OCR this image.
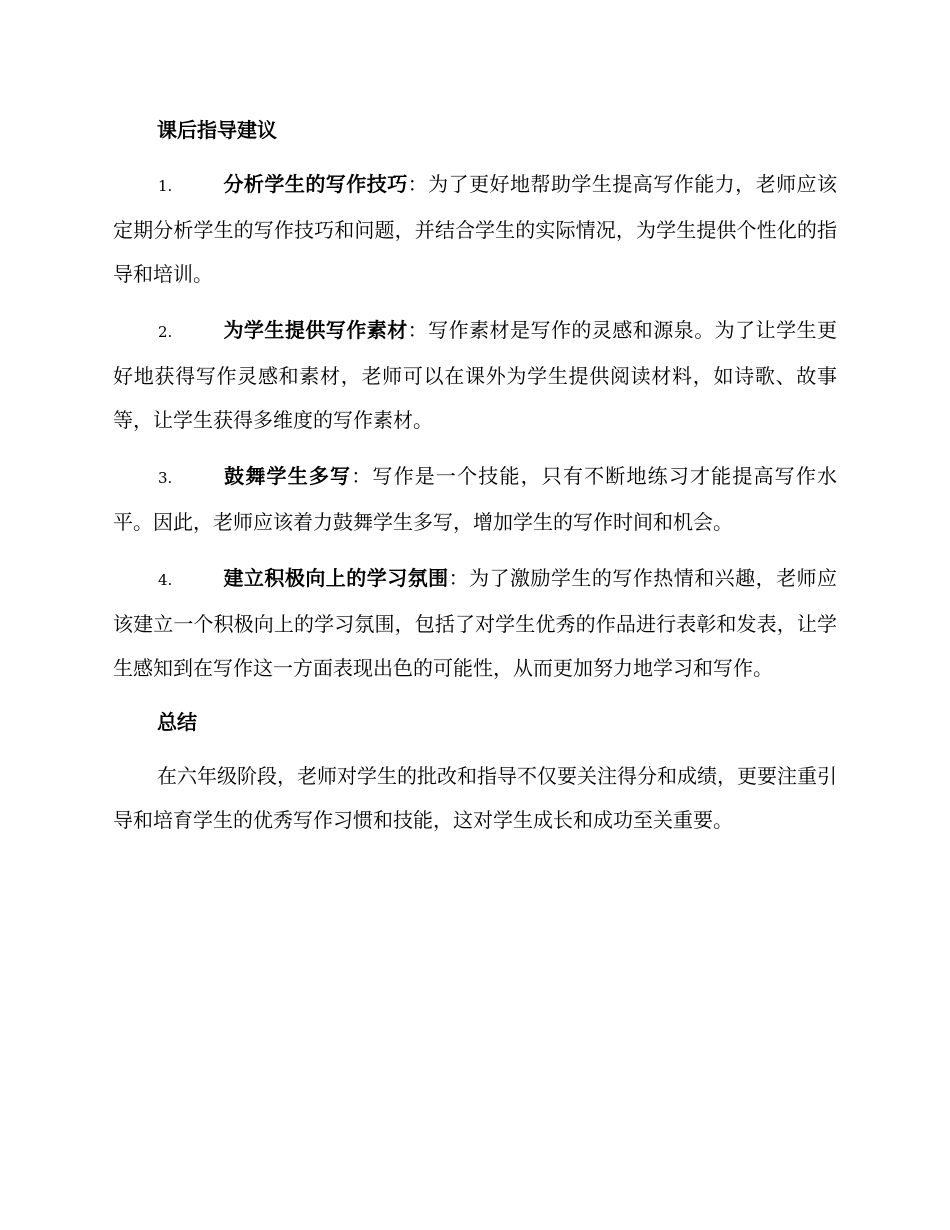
课后指导建议

1.	分析学生的写作技巧：为了更好地帮助学生提高写作能力，老师应该定期分析学生的写作技巧和问题，并结合学生的实际情况，为学生提供个性化的指导和培训。

2.	为学生提供写作素材：写作素材是写作的灵感和源泉。为了让学生更好地获得写作灵感和素材，老师可以在课外为学生提供阅读材料，如诗歌、故事等，让学生获得多维度的写作素材。

3.	鼓舞学生多写：写作是一个技能，只有不断地练习才能提高写作水平。因此，老师应该着力鼓舞学生多写，增加学生的写作时间和机会。

4.	建立积极向上的学习氛围：为了激励学生的写作热情和兴趣，老师应该建立一个积极向上的学习氛围，包括了对学生优秀的作品进行表彰和发表，让学生感知到在写作这一方面表现出色的可能性，从而更加努力地学习和写作。

总结

在六年级阶段，老师对学生的批改和指导不仅要关注得分和成绩，更要注重引导和培育学生的优秀写作习惯和技能，这对学生成长和成功至关重要。
